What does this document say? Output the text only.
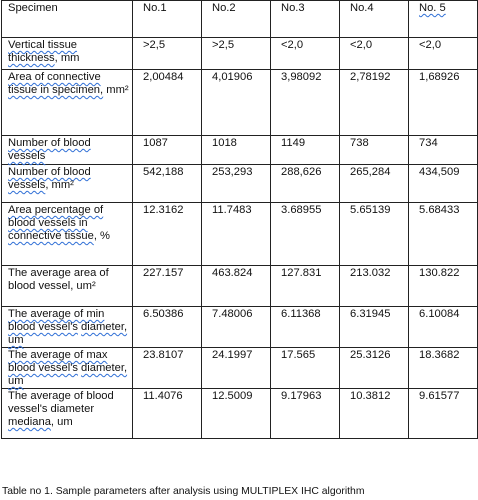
Specimen	No.1	No.2	No.3	No.4	No. 5
Vertical tissue thickness, mm	>2,5	>2,5	<2,0	<2,0	<2,0
Area of connective tissue in specimen, mm²	2,00484	4,01906	3,98092	2,78192	1,68926
Number of blood vessels	1087	1018	1149	738	734
Number of blood vessels, mm²	542,188	253,293	288,626	265,284	434,509
Area percentage of blood vessels in connective tissue, %	12.3162	11.7483	3.68955	5.65139	5.68433
The average area of blood vessel, um²	227.157	463.824	127.831	213.032	130.822
The average of min blood vessel's diameter, um	6.50386	7.48006	6.11368	6.31945	6.10084
The average of max blood vessel's diameter, um	23.8107	24.1997	17.565	25.3126	18.3682
The average of blood vessel's diameter mediana, um	11.4076	12.5009	9.17963	10.3812	9.61577
Table no 1. Sample parameters after analysis using MULTIPLEX IHC algorithm
